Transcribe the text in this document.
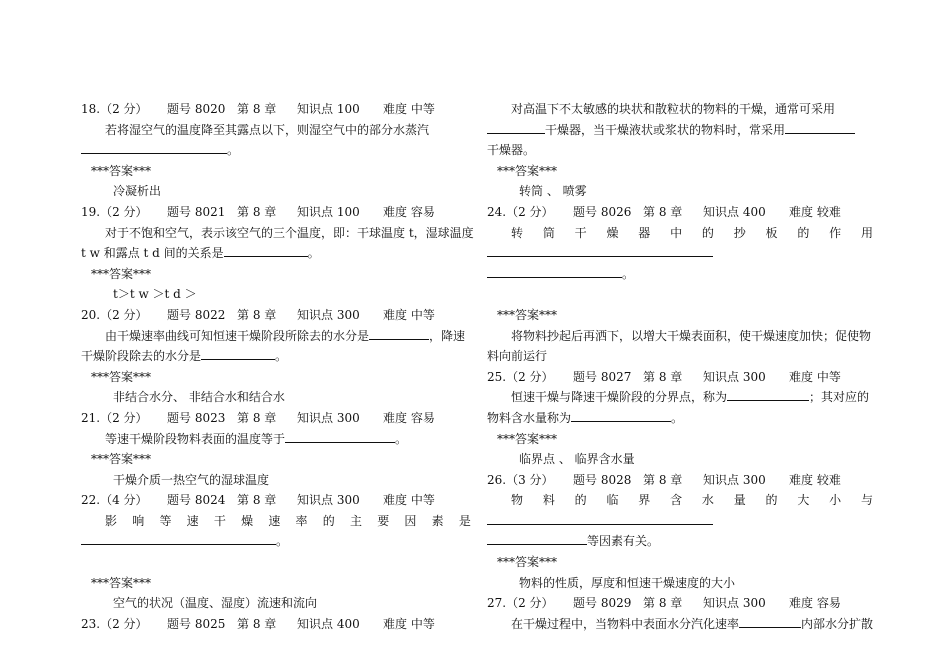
18.（2 分） 题号 8020 第 8 章 知识点 100 难度 中等
若将湿空气的温度降至其露点以下，则湿空气中的部分水蒸汽
。
***答案***
冷凝析出
19.（2 分） 题号 8021 第 8 章 知识点 100 难度 容易
对于不饱和空气，表示该空气的三个温度，即：干球温度 t，湿球温度
t w 和露点 t d 间的关系是	。
***答案***
t＞t w ＞t d ＞
20.（2 分） 题号 8022 第 8 章 知识点 300 难度 中等
由干燥速率曲线可知恒速干燥阶段所除去的水分是	，降速
干燥阶段除去的水分是	。
***答案***
非结合水分、 非结合水和结合水
21.（2 分） 题号 8023 第 8 章 知识点 300 难度 容易
等速干燥阶段物料表面的温度等于	。
***答案***
干燥介质一热空气的湿球温度
22.（4 分） 题号 8024 第 8 章 知识点 300 难度 中等
影 响 等 速 干 燥 速 率 的 主 要 因 素 是
。
***答案***
空气的状况（温度、湿度）流速和流向
23.（2 分） 题号 8025 第 8 章 知识点 400 难度 中等
对高温下不太敏感的块状和散粒状的物料的干燥，通常可采用
干燥器，当干燥液状或浆状的物料时，常采用
干燥器。
***答案***
转筒 、 喷雾
24.（2 分） 题号 8026 第 8 章 知识点 400 难度 较难
转 筒 干 燥 器 中 的 抄 板 的 作 用
。
***答案***
将物料抄起后再洒下，以增大干燥表面积，使干燥速度加快；促使物
料向前运行
25.（2 分） 题号 8027 第 8 章 知识点 300 难度 中等
恒速干燥与降速干燥阶段的分界点，称为	；其对应的
物料含水量称为	。
***答案***
临界点 、 临界含水量
26.（3 分） 题号 8028 第 8 章 知识点 300 难度 较难
物 料 的 临 界 含 水 量 的 大 小 与
等因素有关。
***答案***
物料的性质，厚度和恒速干燥速度的大小
27.（2 分） 题号 8029 第 8 章 知识点 300 难度 容易
在干燥过程中，当物料中表面水分汽化速率	内部水分扩散
